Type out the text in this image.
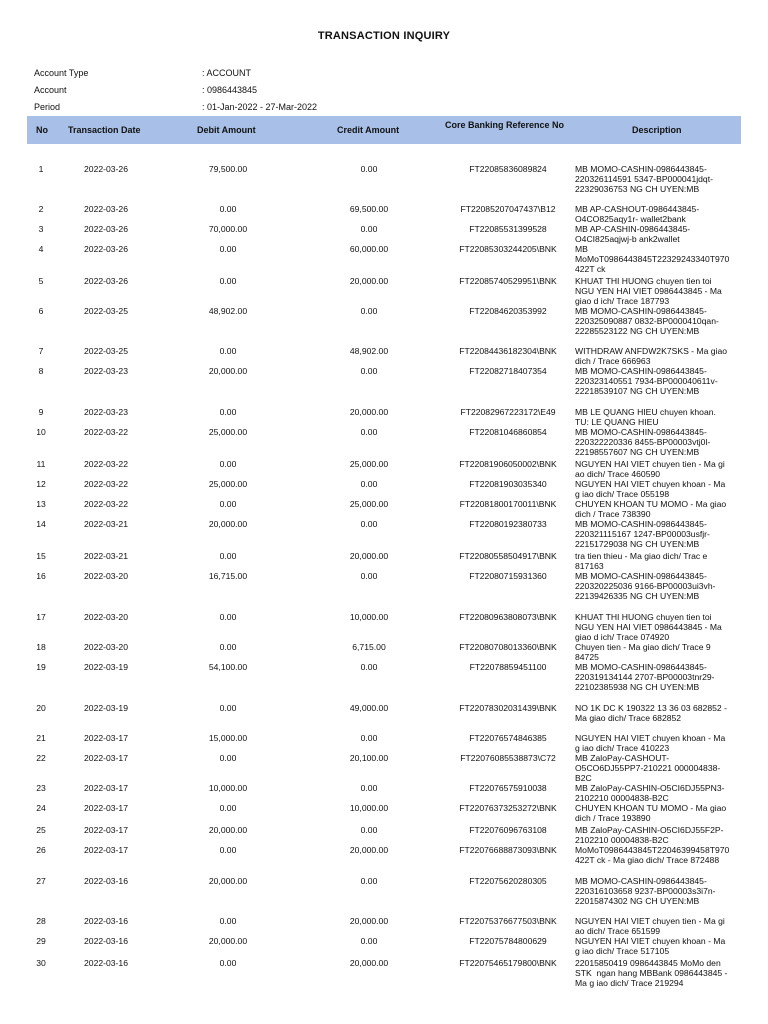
TRANSACTION INQUIRY
Account Type	: ACCOUNT
Account	: 0986443845
Period	: 01-Jan-2022 - 27-Mar-2022
No Transaction Date	Debit Amount	Credit Amount	Core Banking Reference No	Description
1	2022-03-26	79,500.00	0.00	FT22085836089824	MB MOMO-CASHIN-0986443845-
220326114591 5347-BP000041jdqt-
22329036753 NG CH UYEN:MB
2	2022-03-26	0.00	69,500.00	FT22085207047437\B12	MB AP-CASHOUT-0986443845-
O4CO825aqy1r- wallet2bank
3	2022-03-26	70,000.00	0.00	FT22085531399528	MB AP-CASHIN-0986443845-
O4CI825aqjwj-b ank2wallet
4	2022-03-26	0.00	60,000.00	FT22085303244205\BNK	MB
MoMoT0986443845T22329243340T970
422T ck
5	2022-03-26	0.00	20,000.00	FT22085740529951\BNK	KHUAT THI HUONG chuyen tien toi
NGU YEN HAI VIET 0986443845 - Ma
giao d ich/ Trace 187793
6	2022-03-25	48,902.00	0.00	FT22084620353992	MB MOMO-CASHIN-0986443845-
220325090887 0832-BP0000410qan-
22285523122 NG CH UYEN:MB
7	2022-03-25	0.00	48,902.00	FT22084436182304\BNK	WITHDRAW ANFDW2K7SKS - Ma giao
dich / Trace 666963
8	2022-03-23	20,000.00	0.00	FT22082718407354	MB MOMO-CASHIN-0986443845-
220323140551 7934-BP000040611v-
22218539107 NG CH UYEN:MB
9	2022-03-23	0.00	20,000.00	FT22082967223172\E49	MB LE QUANG HIEU chuyen khoan.
TU: LE QUANG HIEU
10	2022-03-22	25,000.00	0.00	FT22081046860854	MB MOMO-CASHIN-0986443845-
220322220336 8455-BP00003vtj0l-
22198557607 NG CH UYEN:MB
11	2022-03-22	0.00	25,000.00	FT22081906050002\BNK	NGUYEN HAI VIET chuyen tien - Ma gi
ao dich/ Trace 460590
12	2022-03-22	25,000.00	0.00	FT22081903035340	NGUYEN HAI VIET chuyen khoan - Ma
g iao dich/ Trace 055198
13	2022-03-22	0.00	25,000.00	FT22081800170011\BNK	CHUYEN KHOAN TU MOMO - Ma giao
dich / Trace 738390
14	2022-03-21	20,000.00	0.00	FT22080192380733	MB MOMO-CASHIN-0986443845-
220321115167 1247-BP00003usfjr-
22151729038 NG CH UYEN:MB
15	2022-03-21	0.00	20,000.00	FT22080558504917\BNK	tra tien thieu - Ma giao dich/ Trac e
817163
16	2022-03-20	16,715.00	0.00	FT22080715931360	MB MOMO-CASHIN-0986443845-
220320225036 9166-BP00003ui3vh-
22139426335 NG CH UYEN:MB
17	2022-03-20	0.00	10,000.00	FT22080963808073\BNK	KHUAT THI HUONG chuyen tien toi
NGU YEN HAI VIET 0986443845 - Ma
giao d ich/ Trace 074920
18	2022-03-20	0.00	6,715.00	FT22080708013360\BNK	Chuyen tien - Ma giao dich/ Trace 9
84725
19	2022-03-19	54,100.00	0.00	FT22078859451100	MB MOMO-CASHIN-0986443845-
220319134144 2707-BP00003tnr29-
22102385938 NG CH UYEN:MB
20	2022-03-19	0.00	49,000.00	FT22078302031439\BNK	NO 1K DC K 190322 13 36 03 682852 -
Ma giao dich/ Trace 682852
21	2022-03-17	15,000.00	0.00	FT22076574846385	NGUYEN HAI VIET chuyen khoan - Ma
g iao dich/ Trace 410223
22	2022-03-17	0.00	20,100.00	FT22076085538873\C72	MB ZaloPay-CASHOUT-
O5CO6DJ55PP7-210221 000004838-
B2C
23	2022-03-17	10,000.00	0.00	FT22076575910038	MB ZaloPay-CASHIN-O5CI6DJ55PN3-
2102210 00004838-B2C
24	2022-03-17	0.00	10,000.00	FT22076373253272\BNK	CHUYEN KHOAN TU MOMO - Ma giao
dich / Trace 193890
25	2022-03-17	20,000.00	0.00	FT22076096763108	MB ZaloPay-CASHIN-O5CI6DJ55F2P-
2102210 00004838-B2C
26	2022-03-17	0.00	20,000.00	FT22076688873093\BNK	MoMoT0986443845T22046399458T970
422T ck - Ma giao dich/ Trace 872488
27	2022-03-16	20,000.00	0.00	FT22075620280305	MB MOMO-CASHIN-0986443845-
220316103658 9237-BP00003s3i7n-
22015874302 NG CH UYEN:MB
28	2022-03-16	0.00	20,000.00	FT22075376677503\BNK	NGUYEN HAI VIET chuyen tien - Ma gi
ao dich/ Trace 651599
29	2022-03-16	20,000.00	0.00	FT22075784800629	NGUYEN HAI VIET chuyen khoan - Ma
g iao dich/ Trace 517105
30	2022-03-16	0.00	20,000.00	FT22075465179800\BNK	22015850419 0986443845 MoMo den
STK  ngan hang MBBank 0986443845 -
Ma g iao dich/ Trace 219294
